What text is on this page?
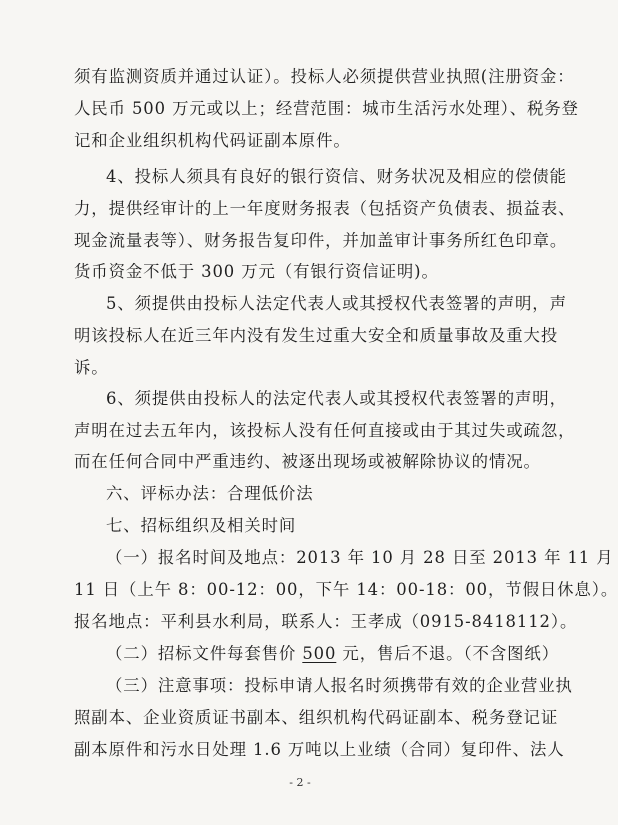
须有监测资质并通过认证）。投标人必须提供营业执照(注册资金：
人民币 500 万元或以上；经营范围：城市生活污水处理）、税务登
记和企业组织机构代码证副本原件。
4、投标人须具有良好的银行资信、财务状况及相应的偿债能
力，提供经审计的上一年度财务报表（包括资产负债表、损益表、
现金流量表等）、财务报告复印件，并加盖审计事务所红色印章。
货币资金不低于 300 万元（有银行资信证明)。
5、须提供由投标人法定代表人或其授权代表签署的声明，声
明该投标人在近三年内没有发生过重大安全和质量事故及重大投
诉。
6、须提供由投标人的法定代表人或其授权代表签署的声明，
声明在过去五年内，该投标人没有任何直接或由于其过失或疏忽，
而在任何合同中严重违约、被逐出现场或被解除协议的情况。
六、评标办法：合理低价法
七、招标组织及相关时间
（一）报名时间及地点：2013 年 10 月 28 日至 2013 年 11 月
11 日（上午 8：00-12：00，下午 14：00-18：00，节假日休息）。
报名地点：平利县水利局，联系人：王孝成（0915-8418112）。
（二）招标文件每套售价 500 元，售后不退。（不含图纸）
（三）注意事项：投标申请人报名时须携带有效的企业营业执
照副本、企业资质证书副本、组织机构代码证副本、税务登记证
副本原件和污水日处理 1.6 万吨以上业绩（合同）复印件、法人
- 2 -
